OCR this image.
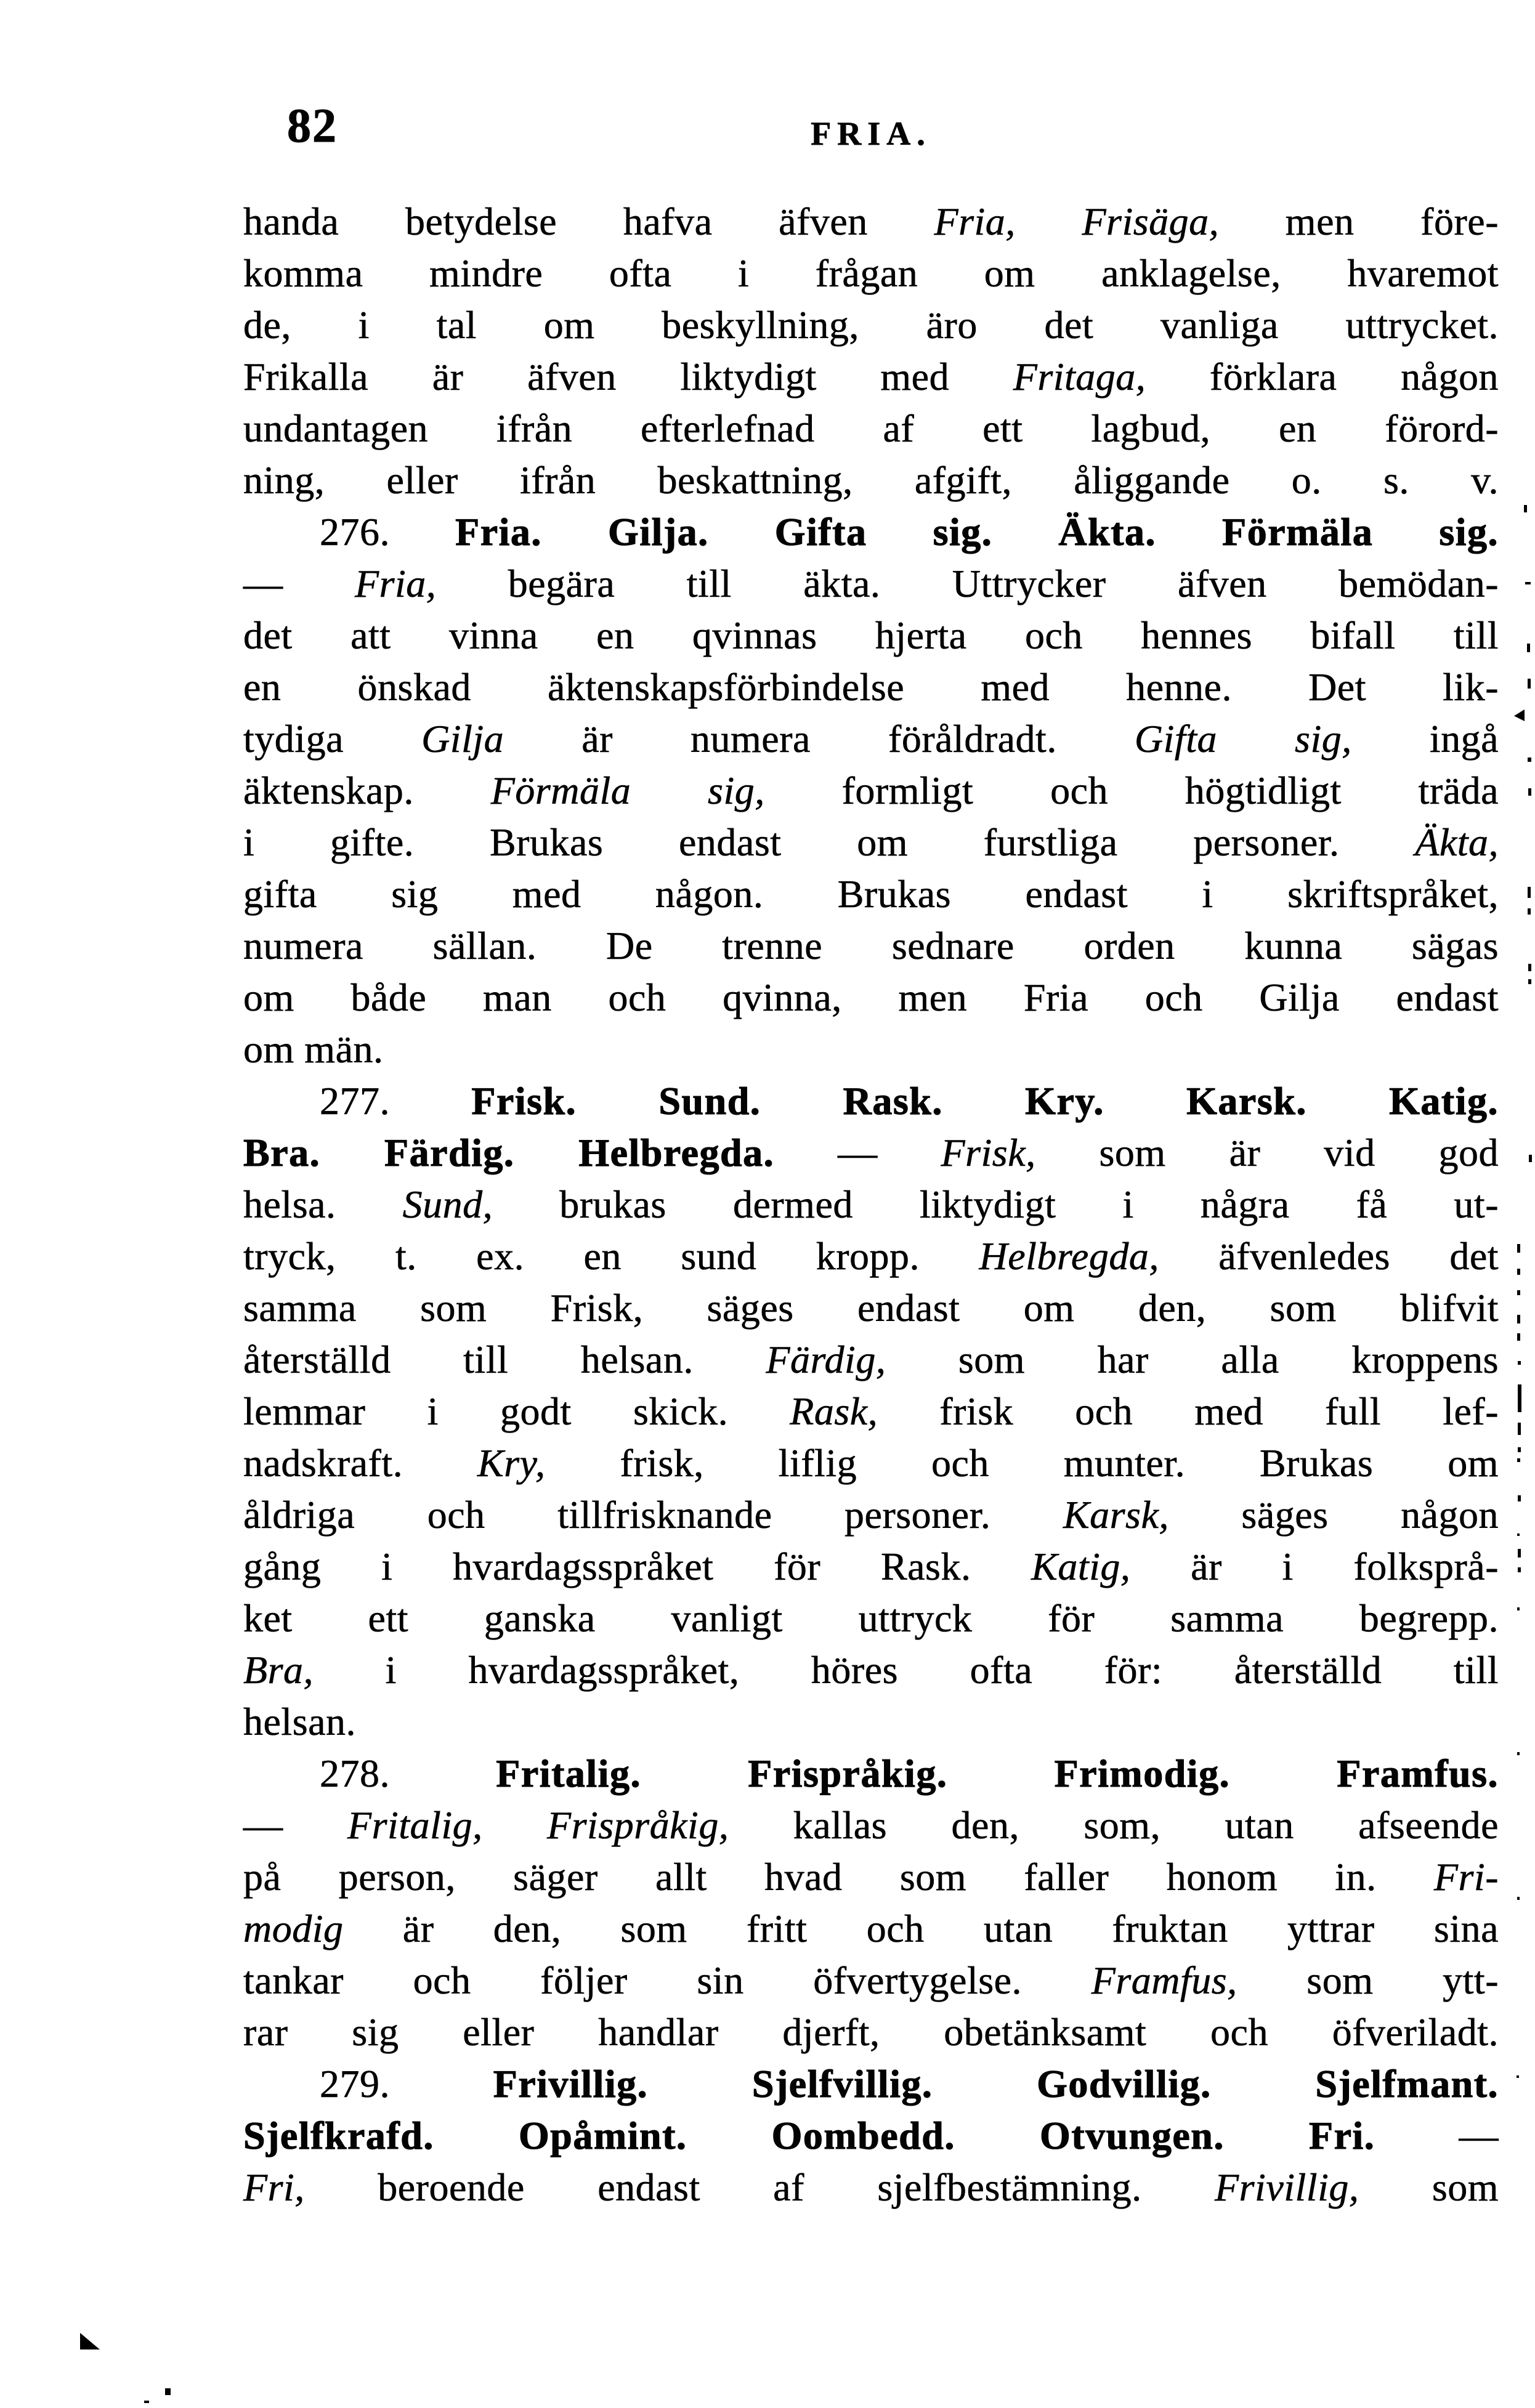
82	FRIA.
handa betydelse hafva äfven Fria, Frisäga, men före-
komma mindre ofta i frågan om anklagelse, hvaremot
de, i tal om beskyllning, äro det vanliga uttrycket.
Frikalla är äfven liktydigt med Fritaga, förklara någon
undantagen ifrån efterlefnad af ett lagbud, en förord-
ning, eller ifrån beskattning, afgift, åliggande o. s. v.
276. Fria. Gilja. Gifta sig. Äkta. Förmäla sig.
— Fria, begära till äkta. Uttrycker äfven bemödan-
det att vinna en qvinnas hjerta och hennes bifall till
en önskad äktenskapsförbindelse med henne. Det lik-
tydiga Gilja är numera föråldradt. Gifta sig, ingå
äktenskap. Förmäla sig, formligt och högtidligt träda
i gifte. Brukas endast om furstliga personer. Äkta,
gifta sig med någon. Brukas endast i skriftspråket,
numera sällan. De trenne sednare orden kunna sägas
om både man och qvinna, men Fria och Gilja endast
om män.
277. Frisk. Sund. Rask. Kry. Karsk. Katig.
Bra. Färdig. Helbregda. — Frisk, som är vid god
helsa. Sund, brukas dermed liktydigt i några få ut-
tryck, t. ex. en sund kropp. Helbregda, äfvenledes det
samma som Frisk, säges endast om den, som blifvit
återställd till helsan. Färdig, som har alla kroppens
lemmar i godt skick. Rask, frisk och med full lef-
nadskraft. Kry, frisk, liflig och munter. Brukas om
åldriga och tillfrisknande personer. Karsk, säges någon
gång i hvardagsspråket för Rask. Katig, är i folksprå-
ket ett ganska vanligt uttryck för samma begrepp.
Bra, i hvardagsspråket, höres ofta för: återställd till
helsan.
278. Fritalig. Frispråkig. Frimodig. Framfus.
— Fritalig, Frispråkig, kallas den, som, utan afseende
på person, säger allt hvad som faller honom in. Fri-
modig är den, som fritt och utan fruktan yttrar sina
tankar och följer sin öfvertygelse. Framfus, som ytt-
rar sig eller handlar djerft, obetänksamt och öfveriladt.
279. Frivillig. Sjelfvillig. Godvillig. Sjelfmant.
Sjelfkrafd. Opåmint. Oombedd. Otvungen. Fri. —
Fri, beroende endast af sjelfbestämning. Frivillig, som
